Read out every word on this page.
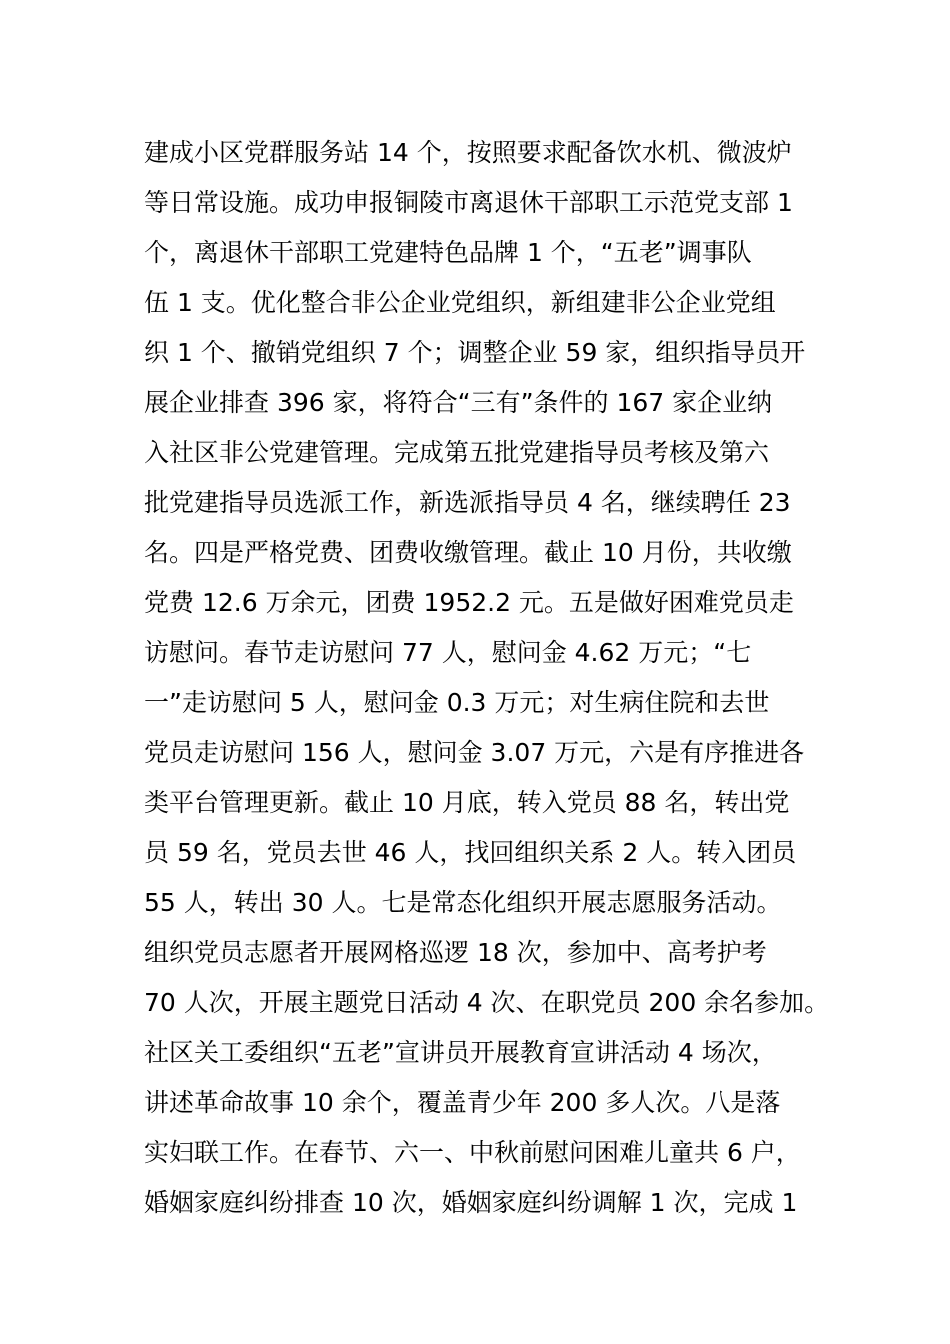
建成小区党群服务站 14 个，按照要求配备饮水机、微波炉
等日常设施。成功申报铜陵市离退休干部职工示范党支部 1
个，离退休干部职工党建特色品牌 1 个，“五老”调事队
伍 1 支。优化整合非公企业党组织，新组建非公企业党组
织 1 个、撤销党组织 7 个；调整企业 59 家，组织指导员开
展企业排查 396 家，将符合“三有”条件的 167 家企业纳
入社区非公党建管理。完成第五批党建指导员考核及第六
批党建指导员选派工作，新选派指导员 4 名，继续聘任 23
名。四是严格党费、团费收缴管理。截止 10 月份，共收缴
党费 12.6 万余元，团费 1952.2 元。五是做好困难党员走
访慰问。春节走访慰问 77 人，慰问金 4.62 万元；“七
一”走访慰问 5 人，慰问金 0.3 万元；对生病住院和去世
党员走访慰问 156 人，慰问金 3.07 万元，六是有序推进各
类平台管理更新。截止 10 月底，转入党员 88 名，转出党
员 59 名，党员去世 46 人，找回组织关系 2 人。转入团员
55 人，转出 30 人。七是常态化组织开展志愿服务活动。
组织党员志愿者开展网格巡逻 18 次，参加中、高考护考
70 人次，开展主题党日活动 4 次、在职党员 200 余名参加。
社区关工委组织“五老”宣讲员开展教育宣讲活动 4 场次，
讲述革命故事 10 余个，覆盖青少年 200 多人次。八是落
实妇联工作。在春节、六一、中秋前慰问困难儿童共 6 户，
婚姻家庭纠纷排查 10 次，婚姻家庭纠纷调解 1 次，完成 1
